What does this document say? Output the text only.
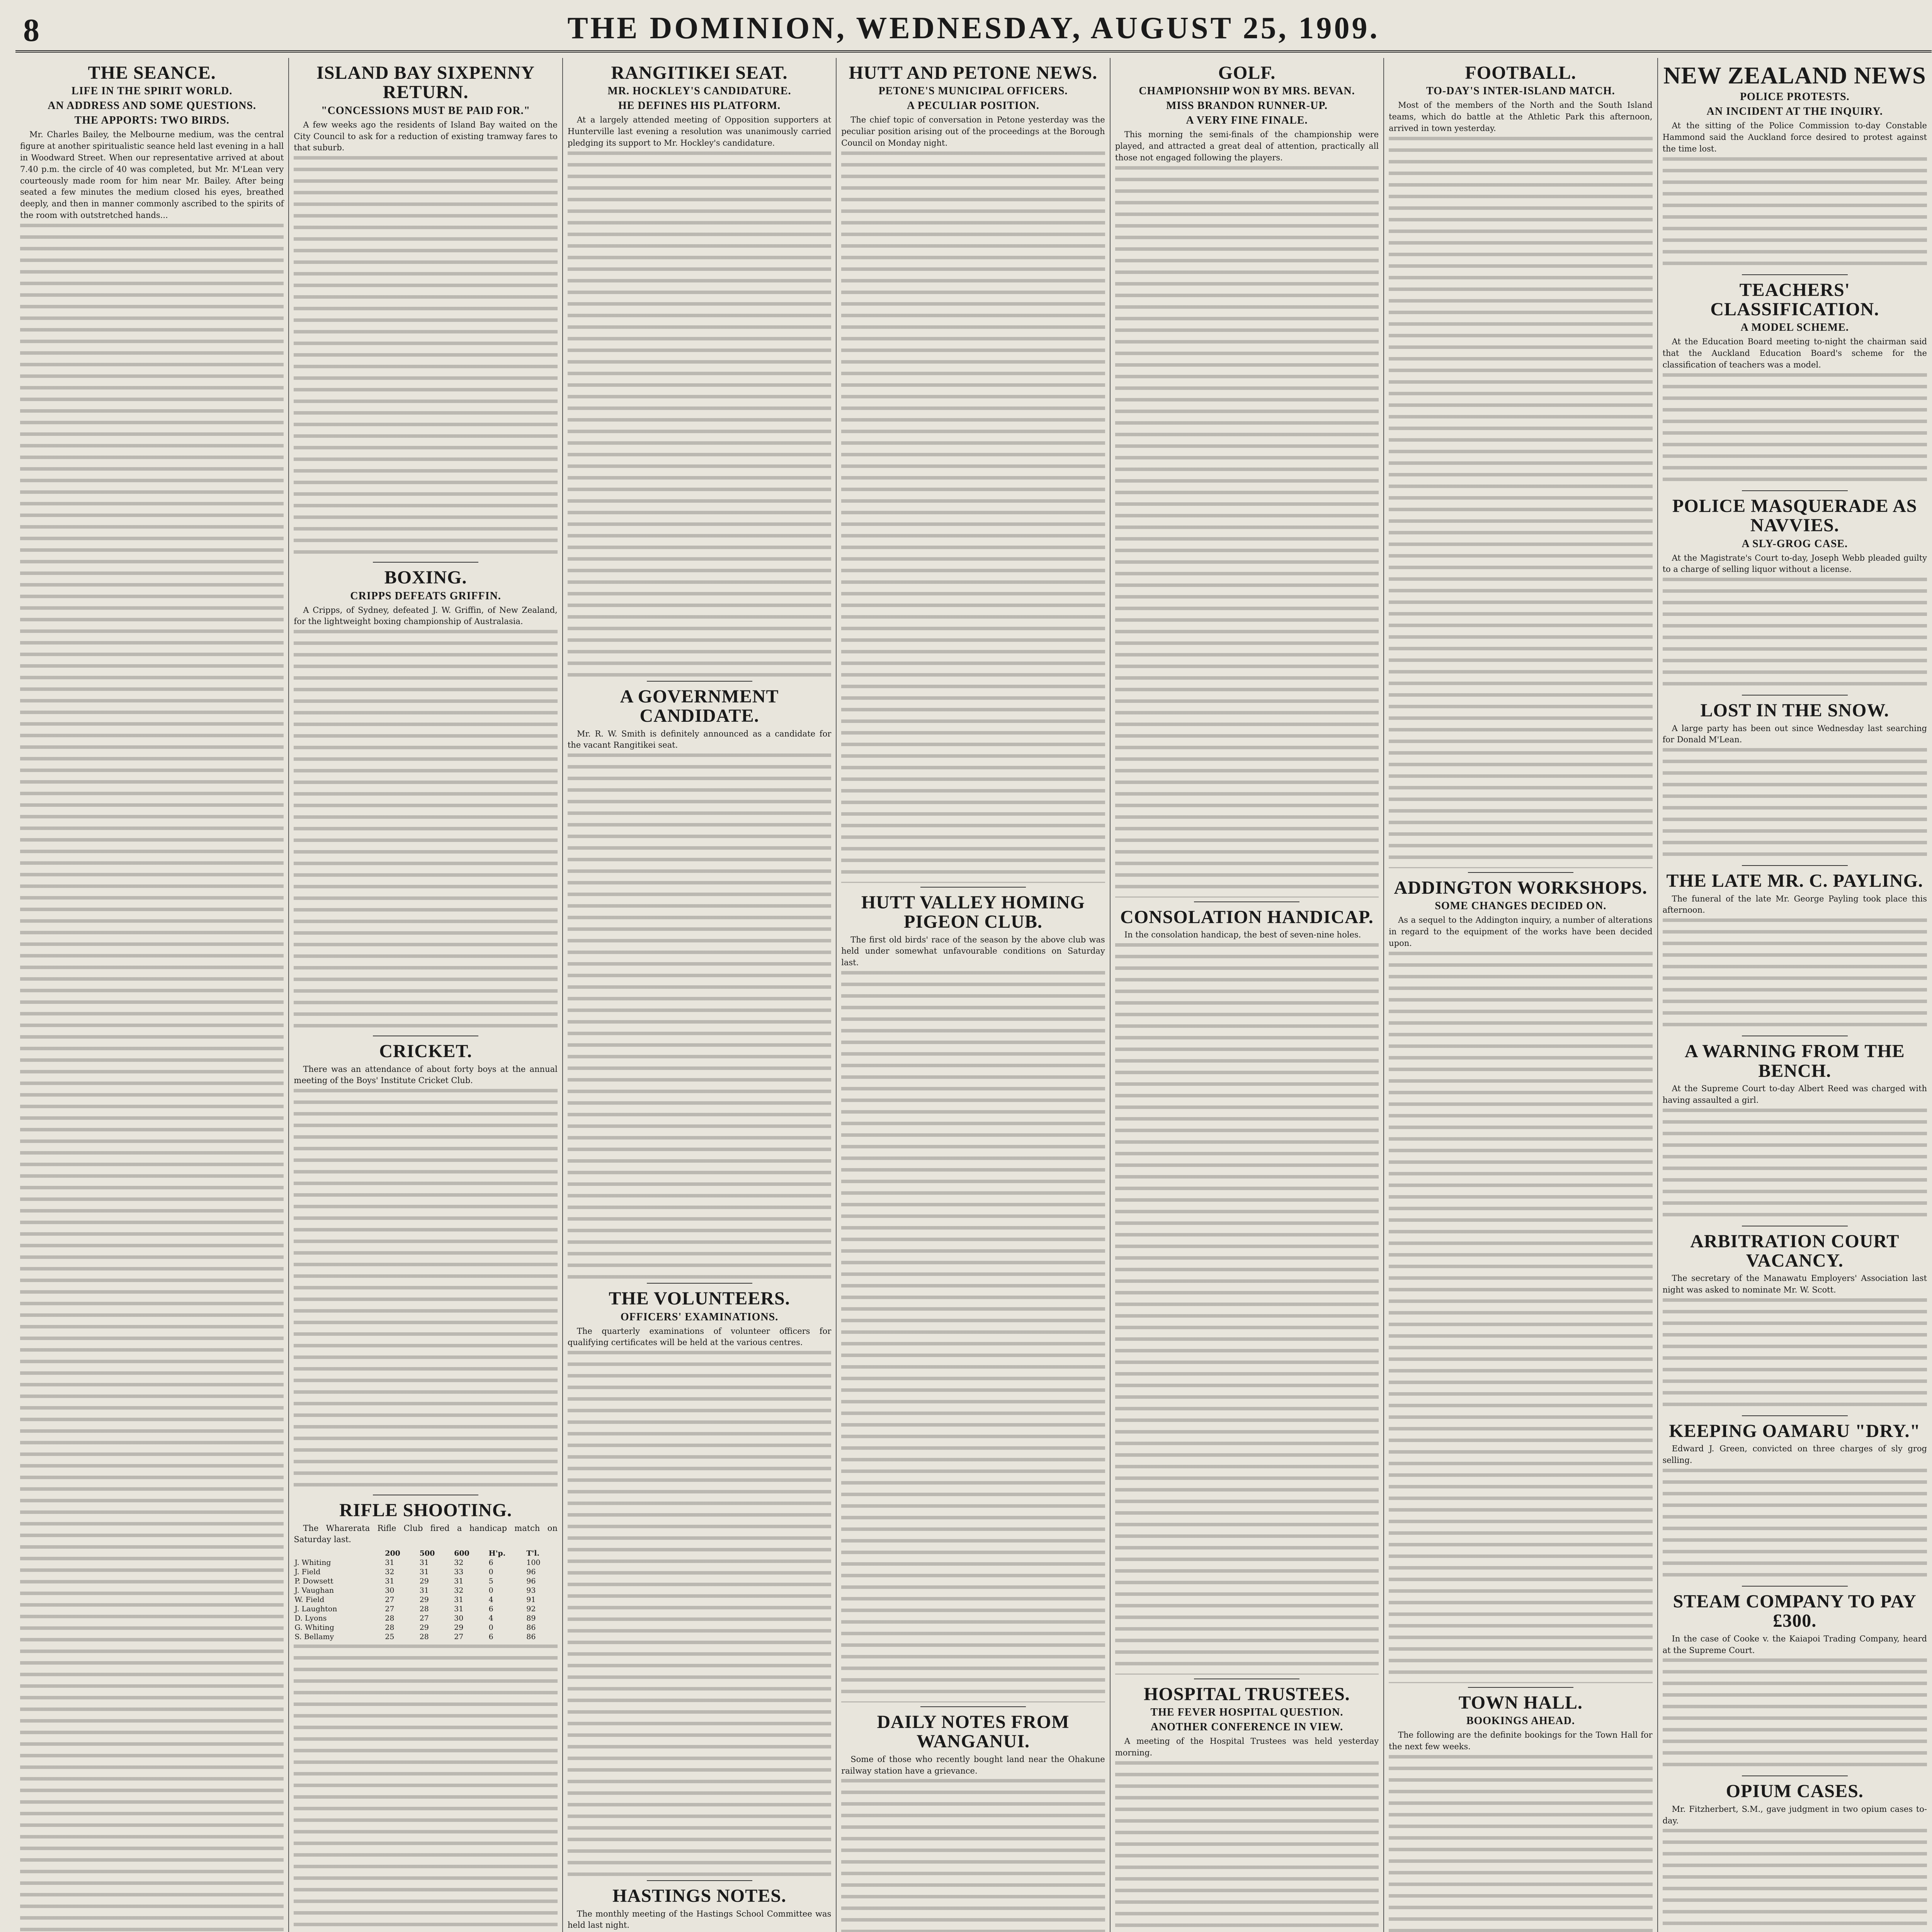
8	THE DOMINION, WEDNESDAY, AUGUST 25, 1909.
THE SEANCE.
LIFE IN THE SPIRIT WORLD.
AN ADDRESS AND SOME QUESTIONS.
THE APPORTS: TWO BIRDS.

Mr. Charles Bailey, the Melbourne medium, was the central figure at another spiritualistic seance held last evening in a hall in Woodward Street. When our representative arrived at about 7.40 p.m. the circle of 40 was completed, but Mr. M'Lean very courteously made room for him near Mr. Bailey. After being seated a few minutes the medium closed his eyes, breathed deeply, and then in manner commonly ascribed to the spirits of the room with outstretched hands...

ISLAND BAY SIXPENNY RETURN.
"CONCESSIONS MUST BE PAID FOR."

A few weeks ago the residents of Island Bay waited on the City Council to ask for a reduction of existing tramway fares to that suburb.

BOXING.
CRIPPS DEFEATS GRIFFIN.

A Cripps, of Sydney, defeated J. W. Griffin, of New Zealand, for the lightweight boxing championship of Australasia.

CRICKET.

There was an attendance of about forty boys at the annual meeting of the Boys' Institute Cricket Club.

RIFLE SHOOTING.

The Wharerata Rifle Club fired a handicap match on Saturday last.

	200	500	600	H'p.	T'l.
J. Whiting	31	31	32	6	100
J. Field	32	31	33	0	96
P. Dowsett	31	29	31	5	96
J. Vaughan	30	31	32	0	93
W. Field	27	29	31	4	91
J. Laughton	27	28	31	6	92
D. Lyons	28	27	30	4	89
G. Whiting	28	29	29	0	86
S. Bellamy	25	28	27	6	86

RANGITIKEI SEAT.
MR. HOCKLEY'S CANDIDATURE.
HE DEFINES HIS PLATFORM.

At a largely attended meeting of Opposition supporters at Hunterville last evening a resolution was unanimously carried pledging its support to Mr. Hockley's candidature.

A GOVERNMENT CANDIDATE.

Mr. R. W. Smith is definitely announced as a candidate for the vacant Rangitikei seat.

THE VOLUNTEERS.
OFFICERS' EXAMINATIONS.

The quarterly examinations of volunteer officers for qualifying certificates will be held at the various centres.

HASTINGS NOTES.

The monthly meeting of the Hastings School Committee was held last night.

HUTT AND PETONE NEWS.
PETONE'S MUNICIPAL OFFICERS.
A PECULIAR POSITION.

The chief topic of conversation in Petone yesterday was the peculiar position arising out of the proceedings at the Borough Council on Monday night.

HUTT VALLEY HOMING PIGEON CLUB.

The first old birds' race of the season by the above club was held under somewhat unfavourable conditions on Saturday last.

DAILY NOTES FROM WANGANUI.

Some of those who recently bought land near the Ohakune railway station have a grievance.

GOLF.
CHAMPIONSHIP WON BY MRS. BEVAN.
MISS BRANDON RUNNER-UP.
A VERY FINE FINALE.

This morning the semi-finals of the championship were played, and attracted a great deal of attention, practically all those not engaged following the players.

CONSOLATION HANDICAP.

In the consolation handicap, the best of seven-nine holes.

HOSPITAL TRUSTEES.
THE FEVER HOSPITAL QUESTION.
ANOTHER CONFERENCE IN VIEW.

A meeting of the Hospital Trustees was held yesterday morning.

FOOTBALL.
TO-DAY'S INTER-ISLAND MATCH.

Most of the members of the North and the South Island teams, which do battle at the Athletic Park this afternoon, arrived in town yesterday.

ADDINGTON WORKSHOPS.
SOME CHANGES DECIDED ON.

As a sequel to the Addington inquiry, a number of alterations in regard to the equipment of the works have been decided upon.

TOWN HALL.
BOOKINGS AHEAD.

The following are the definite bookings for the Town Hall for the next few weeks.

NEW ZEALAND NEWS
POLICE PROTESTS.
AN INCIDENT AT THE INQUIRY.

At the sitting of the Police Commission to-day Constable Hammond said the Auckland force desired to protest against the time lost.

TEACHERS' CLASSIFICATION.
A MODEL SCHEME.

At the Education Board meeting to-night the chairman said that the Auckland Education Board's scheme for the classification of teachers was a model.

POLICE MASQUERADE AS NAVVIES.
A SLY-GROG CASE.

At the Magistrate's Court to-day, Joseph Webb pleaded guilty to a charge of selling liquor without a license.

LOST IN THE SNOW.

A large party has been out since Wednesday last searching for Donald M'Lean.

THE LATE MR. C. PAYLING.

The funeral of the late Mr. George Payling took place this afternoon.

A WARNING FROM THE BENCH.

At the Supreme Court to-day Albert Reed was charged with having assaulted a girl.

ARBITRATION COURT VACANCY.

The secretary of the Manawatu Employers' Association last night was asked to nominate Mr. W. Scott.

KEEPING OAMARU "DRY."

Edward J. Green, convicted on three charges of sly grog selling.

STEAM COMPANY TO PAY £300.

In the case of Cooke v. the Kaiapoi Trading Company, heard at the Supreme Court.

OPIUM CASES.

Mr. Fitzherbert, S.M., gave judgment in two opium cases to-day.
